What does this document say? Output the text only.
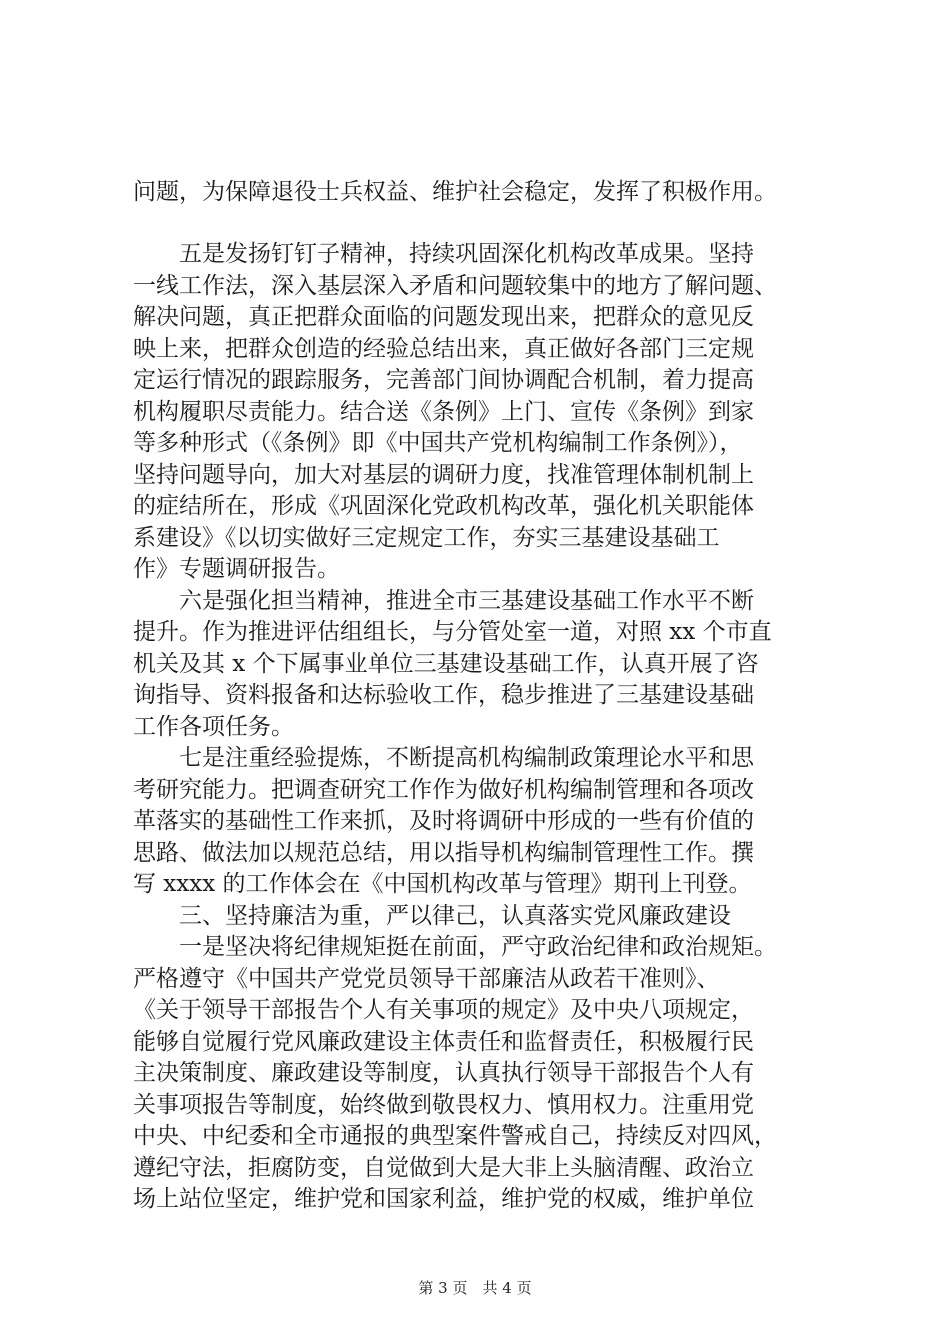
问题，为保障退役士兵权益、维护社会稳定，发挥了积极作用。
　　五是发扬钉钉子精神，持续巩固深化机构改革成果。坚持
一线工作法，深入基层深入矛盾和问题较集中的地方了解问题、
解决问题，真正把群众面临的问题发现出来，把群众的意见反
映上来，把群众创造的经验总结出来，真正做好各部门三定规
定运行情况的跟踪服务，完善部门间协调配合机制，着力提高
机构履职尽责能力。结合送《条例》上门、宣传《条例》到家
等多种形式（《条例》即《中国共产党机构编制工作条例》），
坚持问题导向，加大对基层的调研力度，找准管理体制机制上
的症结所在，形成《巩固深化党政机构改革，强化机关职能体
系建设》《以切实做好三定规定工作，夯实三基建设基础工
作》专题调研报告。
　　六是强化担当精神，推进全市三基建设基础工作水平不断
提升。作为推进评估组组长，与分管处室一道，对照 xx 个市直
机关及其 x 个下属事业单位三基建设基础工作，认真开展了咨
询指导、资料报备和达标验收工作，稳步推进了三基建设基础
工作各项任务。
　　七是注重经验提炼，不断提高机构编制政策理论水平和思
考研究能力。把调查研究工作作为做好机构编制管理和各项改
革落实的基础性工作来抓，及时将调研中形成的一些有价值的
思路、做法加以规范总结，用以指导机构编制管理性工作。撰
写 xxxx 的工作体会在《中国机构改革与管理》期刊上刊登。
　　三、坚持廉洁为重，严以律己，认真落实党风廉政建设
　　一是坚决将纪律规矩挺在前面，严守政治纪律和政治规矩。
严格遵守《中国共产党党员领导干部廉洁从政若干准则》、
《关于领导干部报告个人有关事项的规定》及中央八项规定，
能够自觉履行党风廉政建设主体责任和监督责任，积极履行民
主决策制度、廉政建设等制度，认真执行领导干部报告个人有
关事项报告等制度，始终做到敬畏权力、慎用权力。注重用党
中央、中纪委和全市通报的典型案件警戒自己，持续反对四风，
遵纪守法，拒腐防变，自觉做到大是大非上头脑清醒、政治立
场上站位坚定，维护党和国家利益，维护党的权威，维护单位
第 3 页　共 4 页
